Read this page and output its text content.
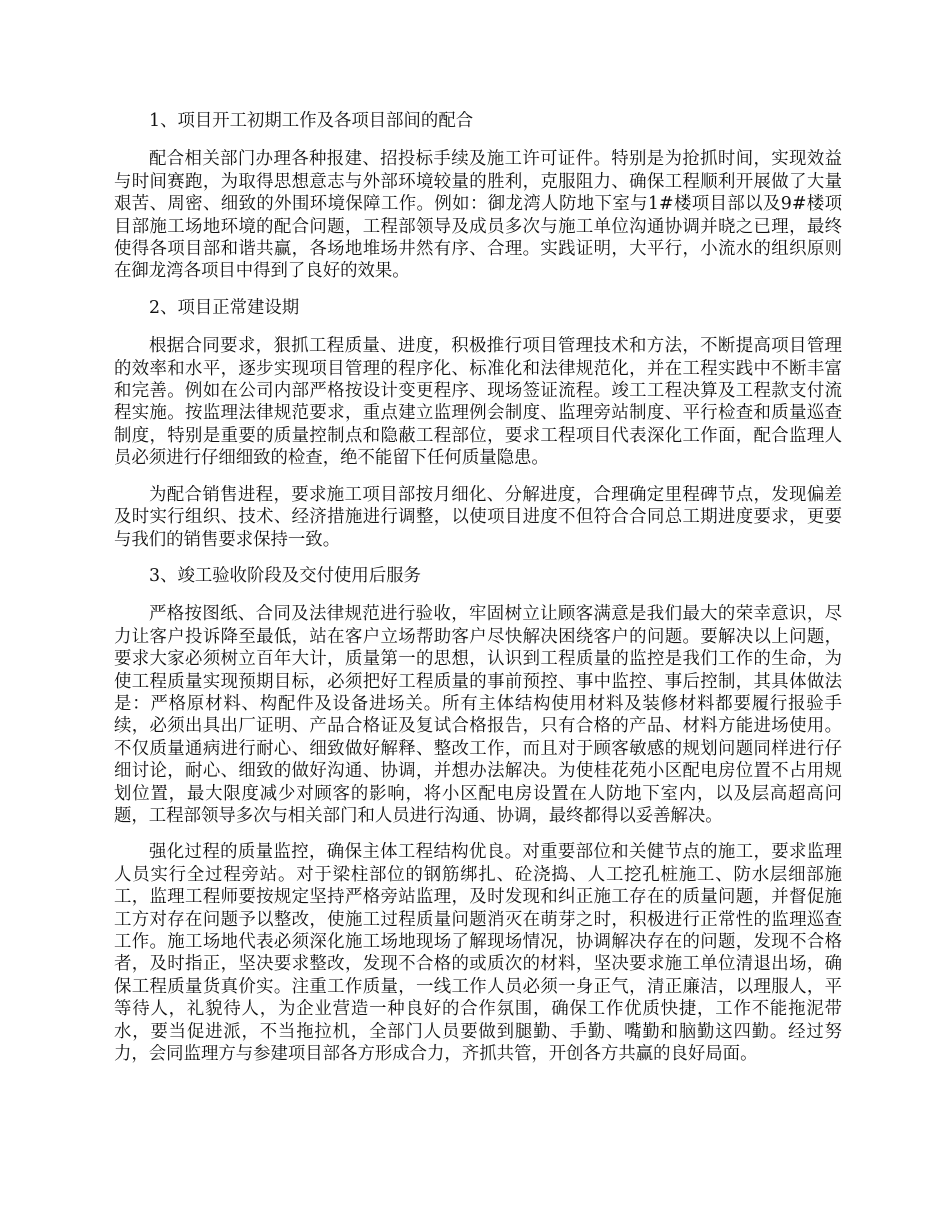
1、项目开工初期工作及各项目部间的配合

配合相关部门办理各种报建、招投标手续及施工许可证件。特别是为抢抓时间，实现效益与时间赛跑，为取得思想意志与外部环境较量的胜利，克服阻力、确保工程顺利开展做了大量艰苦、周密、细致的外围环境保障工作。例如：御龙湾人防地下室与1#楼项目部以及9#楼项目部施工场地环境的配合问题，工程部领导及成员多次与施工单位沟通协调并晓之已理，最终使得各项目部和谐共赢，各场地堆场井然有序、合理。实践证明，大平行，小流水的组织原则在御龙湾各项目中得到了良好的效果。

2、项目正常建设期

根据合同要求，狠抓工程质量、进度，积极推行项目管理技术和方法，不断提高项目管理的效率和水平，逐步实现项目管理的程序化、标准化和法律规范化，并在工程实践中不断丰富和完善。例如在公司内部严格按设计变更程序、现场签证流程。竣工工程决算及工程款支付流程实施。按监理法律规范要求，重点建立监理例会制度、监理旁站制度、平行检查和质量巡查制度，特别是重要的质量控制点和隐蔽工程部位，要求工程项目代表深化工作面，配合监理人员必须进行仔细细致的检查，绝不能留下任何质量隐患。

为配合销售进程，要求施工项目部按月细化、分解进度，合理确定里程碑节点，发现偏差及时实行组织、技术、经济措施进行调整，以使项目进度不但符合合同总工期进度要求，更要与我们的销售要求保持一致。

3、竣工验收阶段及交付使用后服务

严格按图纸、合同及法律规范进行验收，牢固树立让顾客满意是我们最大的荣幸意识，尽力让客户投诉降至最低，站在客户立场帮助客户尽快解决困绕客户的问题。要解决以上问题，要求大家必须树立百年大计，质量第一的思想，认识到工程质量的监控是我们工作的生命，为使工程质量实现预期目标，必须把好工程质量的事前预控、事中监控、事后控制，其具体做法是：严格原材料、构配件及设备进场关。所有主体结构使用材料及装修材料都要履行报验手续，必须出具出厂证明、产品合格证及复试合格报告，只有合格的产品、材料方能进场使用。不仅质量通病进行耐心、细致做好解释、整改工作，而且对于顾客敏感的规划问题同样进行仔细讨论，耐心、细致的做好沟通、协调，并想办法解决。为使桂花苑小区配电房位置不占用规划位置，最大限度减少对顾客的影响，将小区配电房设置在人防地下室内，以及层高超高问题，工程部领导多次与相关部门和人员进行沟通、协调，最终都得以妥善解决。

强化过程的质量监控，确保主体工程结构优良。对重要部位和关健节点的施工，要求监理人员实行全过程旁站。对于梁柱部位的钢筋绑扎、砼浇捣、人工挖孔桩施工、防水层细部施工，监理工程师要按规定坚持严格旁站监理，及时发现和纠正施工存在的质量问题，并督促施工方对存在问题予以整改，使施工过程质量问题消灭在萌芽之时，积极进行正常性的监理巡查工作。施工场地代表必须深化施工场地现场了解现场情况，协调解决存在的问题，发现不合格者，及时指正，坚决要求整改，发现不合格的或质次的材料，坚决要求施工单位清退出场，确保工程质量货真价实。注重工作质量，一线工作人员必须一身正气，清正廉洁，以理服人，平等待人，礼貌待人，为企业营造一种良好的合作氛围，确保工作优质快捷，工作不能拖泥带水，要当促进派，不当拖拉机，全部门人员要做到腿勤、手勤、嘴勤和脑勤这四勤。经过努力，会同监理方与参建项目部各方形成合力，齐抓共管，开创各方共赢的良好局面。
